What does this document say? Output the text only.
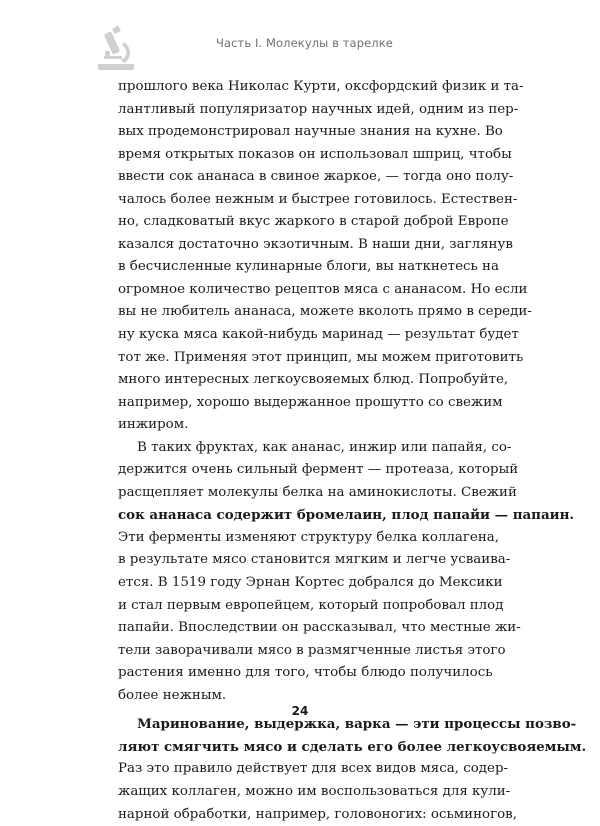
Часть I. Молекулы в тарелке
прошлого века Николас Курти, оксфордский физик и та-
лантливый популяризатор научных идей, одним из пер-
вых продемонстрировал научные знания на кухне. Во
время открытых показов он использовал шприц, чтобы
ввести сок ананаса в свиное жаркое, — тогда оно полу-
чалось более нежным и быстрее готовилось. Естествен-
но, сладковатый вкус жаркого в старой доброй Европе
казался достаточно экзотичным. В наши дни, заглянув
в бесчисленные кулинарные блоги, вы наткнетесь на
огромное количество рецептов мяса с ананасом. Но если
вы не любитель ананаса, можете вколоть прямо в середи-
ну куска мяса какой-нибудь маринад — результат будет
тот же. Применяя этот принцип, мы можем приготовить
много интересных легкоусвояемых блюд. Попробуйте,
например, хорошо выдержанное прошутто со свежим
инжиром.
В таких фруктах, как ананас, инжир или папайя, со-
держится очень сильный фермент — протеаза, который
расщепляет молекулы белка на аминокислоты. Свежий
сок ананаса содержит бромелаин, плод папайи — папаин.
Эти ферменты изменяют структуру белка коллагена,
в результате мясо становится мягким и легче усваива-
ется. В 1519 году Эрнан Кортес добрался до Мексики
и стал первым европейцем, который попробовал плод
папайи. Впоследствии он рассказывал, что местные жи-
тели заворачивали мясо в размягченные листья этого
растения именно для того, чтобы блюдо получилось
более нежным.
Маринование, выдержка, варка — эти процессы позво-
ляют смягчить мясо и сделать его более легкоусвояемым.
Раз это правило действует для всех видов мяса, содер-
жащих коллаген, можно им воспользоваться для кули-
нарной обработки, например, головоногих: осьминогов,
24
